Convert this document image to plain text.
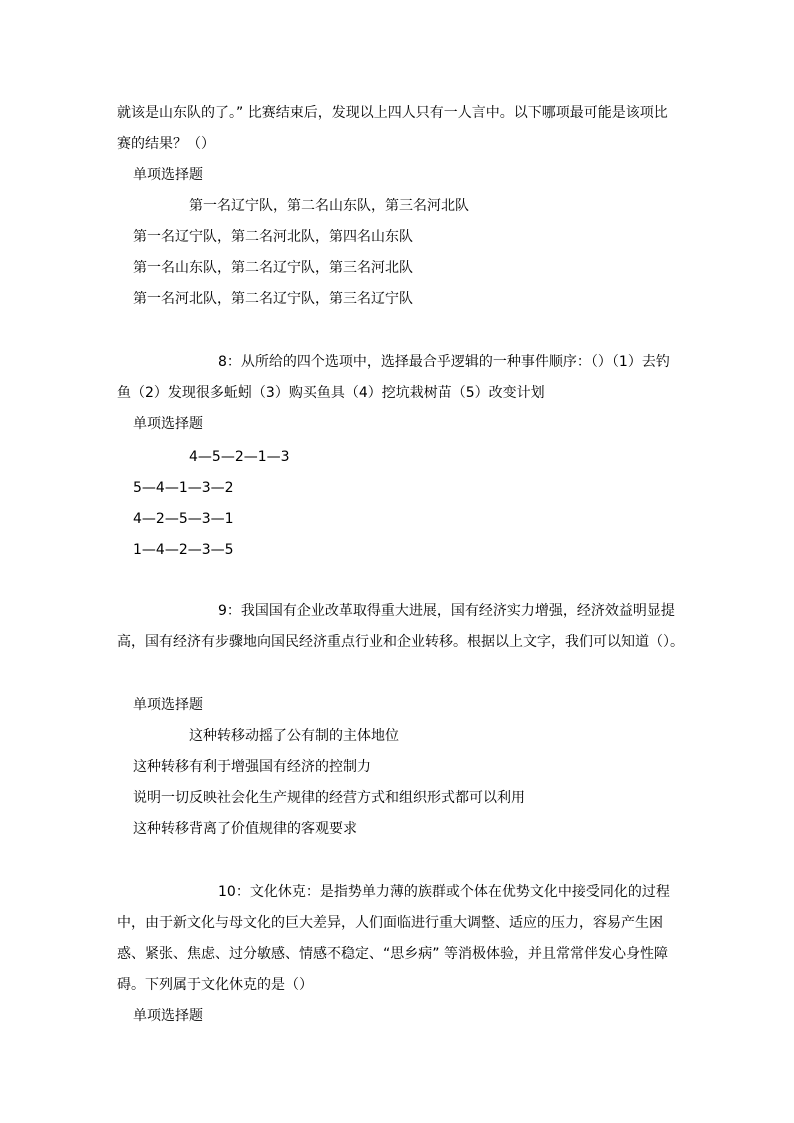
就该是山东队的了。” 比赛结束后，发现以上四人只有一人言中。以下哪项最可能是该项比
赛的结果？（）
单项选择题
第一名辽宁队，第二名山东队，第三名河北队
第一名辽宁队，第二名河北队，第四名山东队
第一名山东队，第二名辽宁队，第三名河北队
第一名河北队，第二名辽宁队，第三名辽宁队
8：从所给的四个选项中，选择最合乎逻辑的一种事件顺序：（）（1）去钓
鱼（2）发现很多蚯蚓（3）购买鱼具（4）挖坑栽树苗（5）改变计划
单项选择题
4—5—2—1—3
5—4—1—3—2
4—2—5—3—1
1—4—2—3—5
9：我国国有企业改革取得重大进展，国有经济实力增强，经济效益明显提
高，国有经济有步骤地向国民经济重点行业和企业转移。根据以上文字，我们可以知道（）。
单项选择题
这种转移动摇了公有制的主体地位
这种转移有利于增强国有经济的控制力
说明一切反映社会化生产规律的经营方式和组织形式都可以利用
这种转移背离了价值规律的客观要求
10：文化休克：是指势单力薄的族群或个体在优势文化中接受同化的过程
中，由于新文化与母文化的巨大差异，人们面临进行重大调整、适应的压力，容易产生困
惑、紧张、焦虑、过分敏感、情感不稳定、“思乡病” 等消极体验，并且常常伴发心身性障
碍。下列属于文化休克的是（）
单项选择题
